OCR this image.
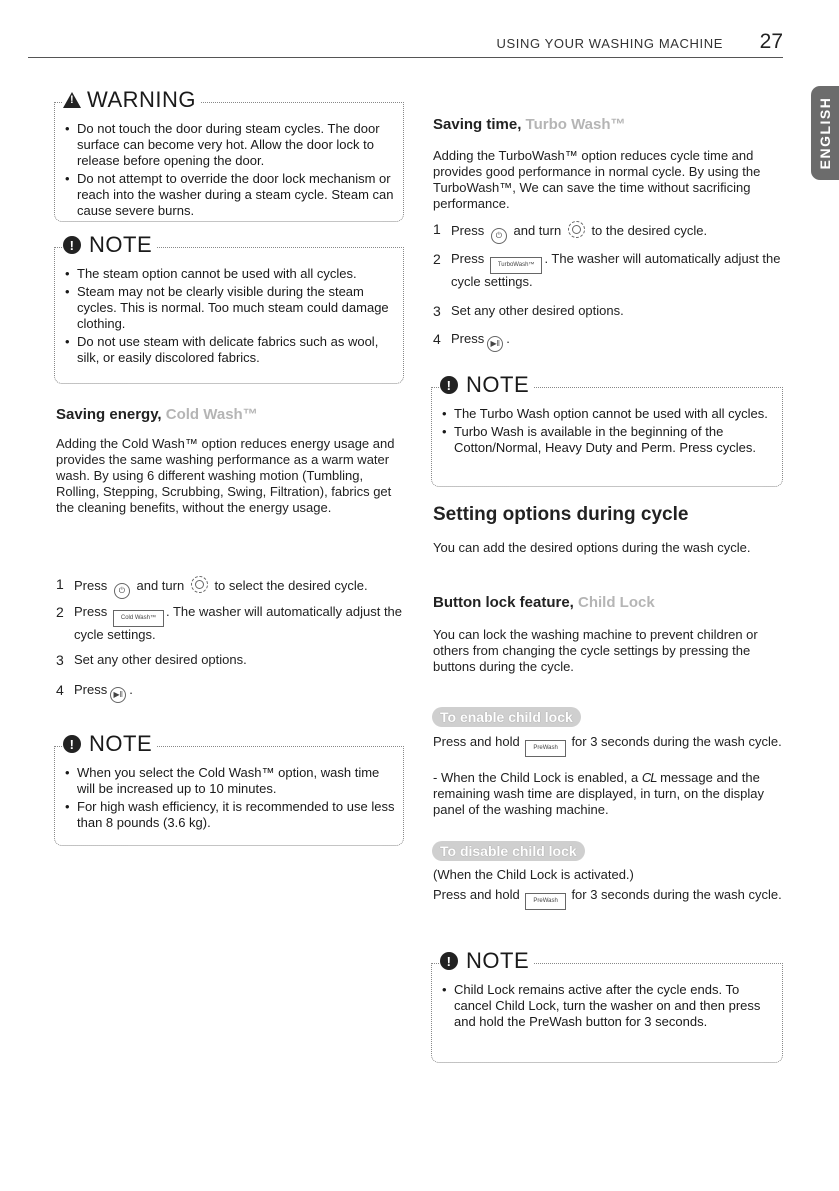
USING YOUR WASHING MACHINE 27
ENGLISH
!
WARNING
• Do not touch the door during steam cycles. The door surface can become very hot. Allow the door lock to release before opening the door.
• Do not attempt to override the door lock mechanism or reach into the washer during a steam cycle. Steam can cause severe burns.
! NOTE
• The steam option cannot be used with all cycles.
• Steam may not be clearly visible during the steam cycles. This is normal. Too much steam could damage clothing.
• Do not use steam with delicate fabrics such as wool, silk, or easily discolored fabrics.
Saving energy, Cold Wash™
Adding the Cold Wash™ option reduces energy usage and provides the same washing performance as a warm water wash. By using 6 different washing motion (Tumbling, Rolling, Stepping, Scrubbing, Swing, Filtration), fabrics get the cleaning benefits, without the energy usage.
1 Press ⏻ and turn to select the desired cycle.
2 Press Cold Wash™ . The washer will automatically adjust the cycle settings.
3 Set any other desired options.
4 Press ▶‖ .
! NOTE
• When you select the Cold Wash™ option, wash time will be increased up to 10 minutes.
• For high wash efficiency, it is recommended to use less than 8 pounds (3.6 kg).
Saving time, Turbo Wash™
Adding the TurboWash™ option reduces cycle time and provides good performance in normal cycle. By using the TurboWash™, We can save the time without sacrificing performance.
1 Press ⏻ and turn to the desired cycle.
2 Press TurboWash™ . The washer will automatically adjust the cycle settings.
3 Set any other desired options.
4 Press ▶‖ .
! NOTE
• The Turbo Wash option cannot be used with all cycles.
• Turbo Wash is available in the beginning of the Cotton/Normal, Heavy Duty and Perm. Press cycles.
Setting options during cycle
You can add the desired options during the wash cycle.
Button lock feature, Child Lock
You can lock the washing machine to prevent children or others from changing the cycle settings by pressing the buttons during the cycle.
To enable child lock
Press and hold PreWash for 3 seconds during the wash cycle.
- When the Child Lock is enabled, a CL message and the remaining wash time are displayed, in turn, on the display panel of the washing machine.
To disable child lock
(When the Child Lock is activated.)
Press and hold PreWash for 3 seconds during the wash cycle.
! NOTE
• Child Lock remains active after the cycle ends. To cancel Child Lock, turn the washer on and then press and hold the PreWash button for 3 seconds.
